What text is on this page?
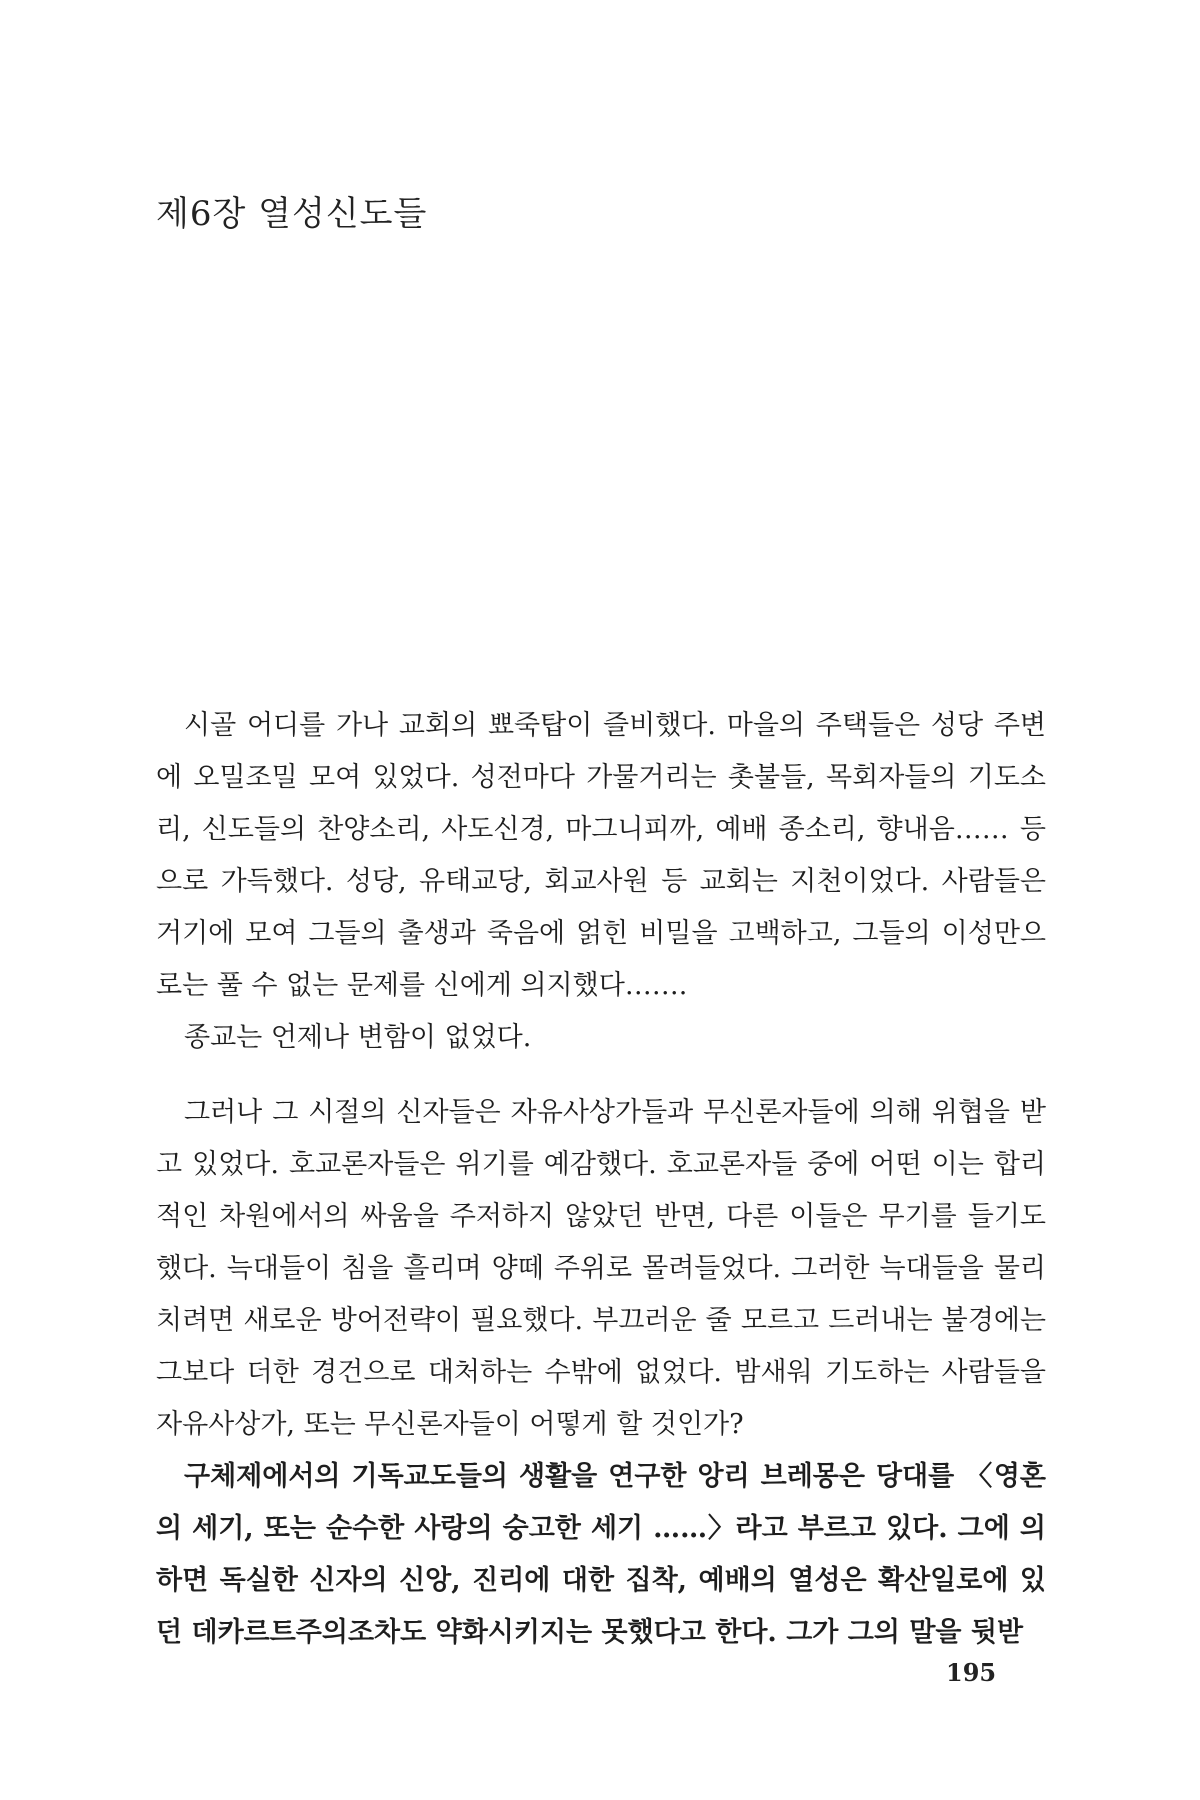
제6장 열성신도들

시골 어디를 가나 교회의 뾰죽탑이 즐비했다. 마을의 주택들은 성당 주변에 오밀조밀 모여 있었다. 성전마다 가물거리는 촛불들, 목회자들의 기도소리, 신도들의 찬양소리, 사도신경, 마그니피까, 예배 종소리, 향내음…… 등으로 가득했다. 성당, 유태교당, 회교사원 등 교회는 지천이었다. 사람들은 거기에 모여 그들의 출생과 죽음에 얽힌 비밀을 고백하고, 그들의 이성만으로는 풀 수 없는 문제를 신에게 의지했다…….

종교는 언제나 변함이 없었다.

그러나 그 시절의 신자들은 자유사상가들과 무신론자들에 의해 위협을 받고 있었다. 호교론자들은 위기를 예감했다. 호교론자들 중에 어떤 이는 합리적인 차원에서의 싸움을 주저하지 않았던 반면, 다른 이들은 무기를 들기도 했다. 늑대들이 침을 흘리며 양떼 주위로 몰려들었다. 그러한 늑대들을 물리치려면 새로운 방어전략이 필요했다. 부끄러운 줄 모르고 드러내는 불경에는 그보다 더한 경건으로 대처하는 수밖에 없었다. 밤새워 기도하는 사람들을 자유사상가, 또는 무신론자들이 어떻게 할 것인가?

구체제에서의 기독교도들의 생활을 연구한 앙리 브레몽은 당대를 〈영혼의 세기, 또는 순수한 사랑의 숭고한 세기 ……〉라고 부르고 있다. 그에 의하면 독실한 신자의 신앙, 진리에 대한 집착, 예배의 열성은 확산일로에 있던 데카르트주의조차도 약화시키지는 못했다고 한다. 그가 그의 말을 뒷받

195
